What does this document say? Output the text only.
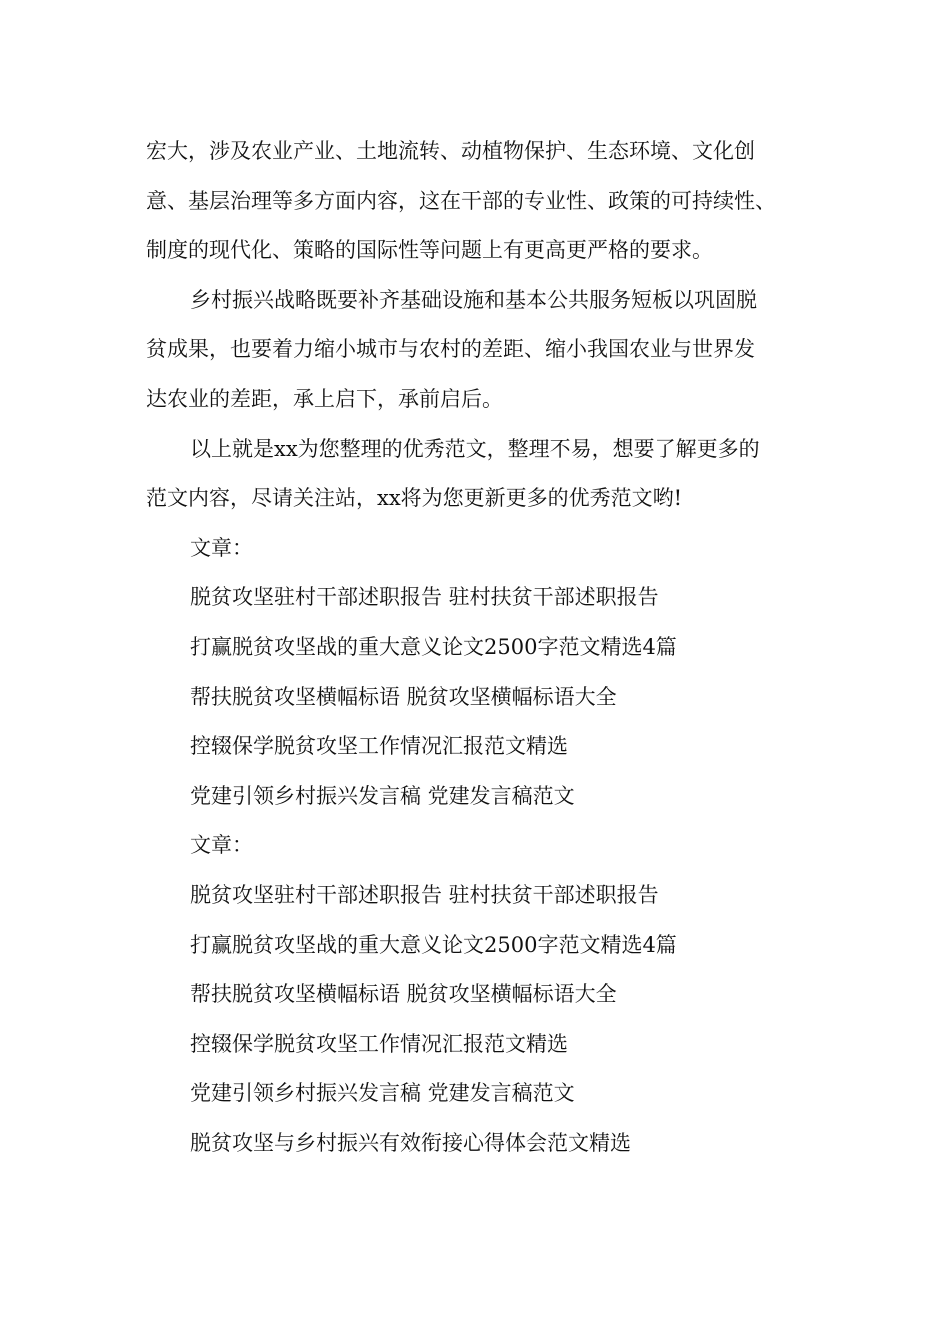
宏大，涉及农业产业、土地流转、动植物保护、生态环境、文化创
意、基层治理等多方面内容，这在干部的专业性、政策的可持续性、
制度的现代化、策略的国际性等问题上有更高更严格的要求。
乡村振兴战略既要补齐基础设施和基本公共服务短板以巩固脱
贫成果，也要着力缩小城市与农村的差距、缩小我国农业与世界发
达农业的差距，承上启下，承前启后。
以上就是xx为您整理的优秀范文，整理不易，想要了解更多的
范文内容，尽请关注站，xx将为您更新更多的优秀范文哟!
文章：
脱贫攻坚驻村干部述职报告 驻村扶贫干部述职报告
打赢脱贫攻坚战的重大意义论文2500字范文精选4篇
帮扶脱贫攻坚横幅标语 脱贫攻坚横幅标语大全
控辍保学脱贫攻坚工作情况汇报范文精选
党建引领乡村振兴发言稿 党建发言稿范文
文章：
脱贫攻坚驻村干部述职报告 驻村扶贫干部述职报告
打赢脱贫攻坚战的重大意义论文2500字范文精选4篇
帮扶脱贫攻坚横幅标语 脱贫攻坚横幅标语大全
控辍保学脱贫攻坚工作情况汇报范文精选
党建引领乡村振兴发言稿 党建发言稿范文
脱贫攻坚与乡村振兴有效衔接心得体会范文精选
